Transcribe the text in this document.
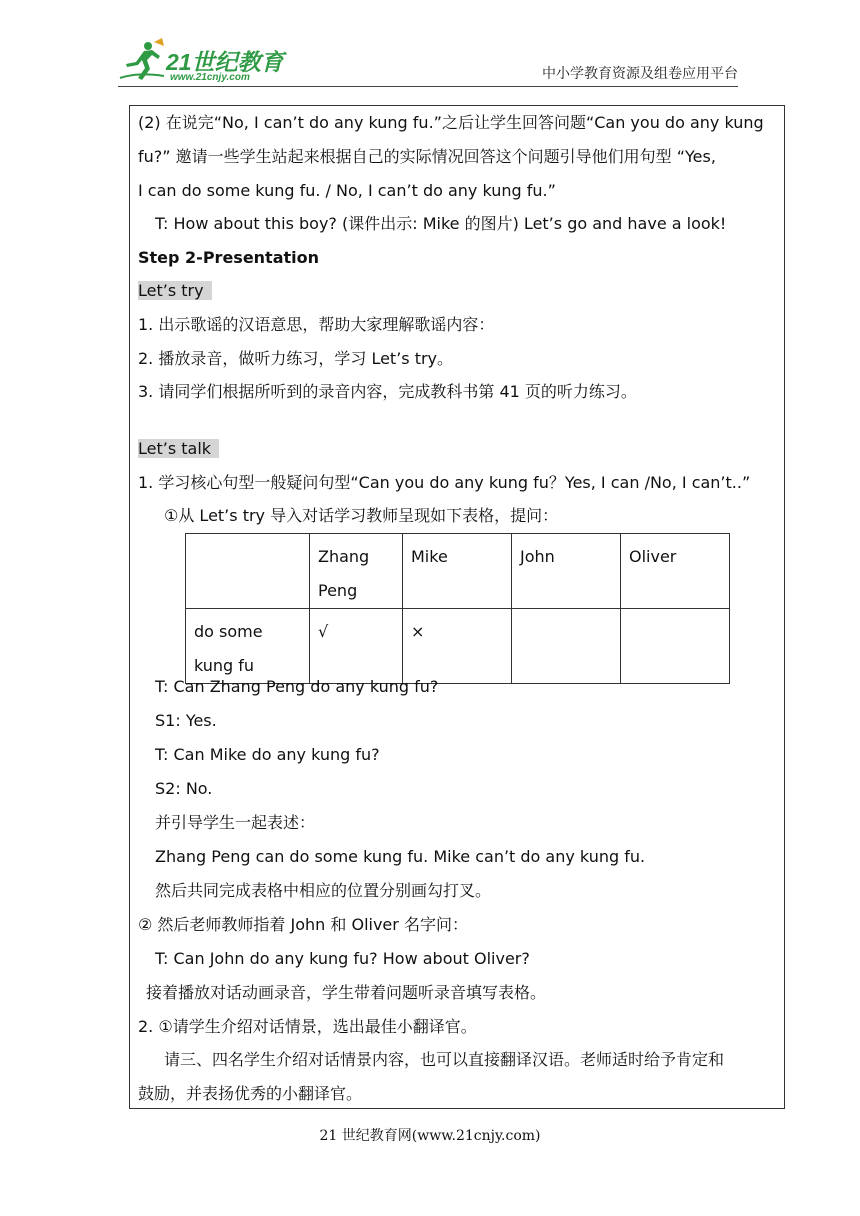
21世纪教育
www.21cnjy.com	中小学教育资源及组卷应用平台
(2) 在说完“No, I can’t do any kung fu.”之后让学生回答问题“Can you do any kung
fu?” 邀请一些学生站起来根据自己的实际情况回答这个问题引导他们用句型 “Yes,
I can do some kung fu. / No, I can’t do any kung fu.”
T: How about this boy? (课件出示: Mike 的图片) Let’s go and have a look!
Step 2-Presentation
Let’s try
1. 出示歌谣的汉语意思，帮助大家理解歌谣内容：
2. 播放录音，做听力练习，学习 Let’s try。
3. 请同学们根据所听到的录音内容，完成教科书第 41 页的听力练习。
Let’s talk
1. 学习核心句型一般疑问句型“Can you do any kung fu？Yes, I can /No, I can’t..”
①从 Let’s try 导入对话学习教师呈现如下表格，提问：
	Zhang Peng	Mike	John	Oliver
do some kung fu	√	×		
T: Can Zhang Peng do any kung fu?
S1: Yes.
T: Can Mike do any kung fu?
S2: No.
并引导学生一起表述：
Zhang Peng can do some kung fu. Mike can’t do any kung fu.
然后共同完成表格中相应的位置分别画勾打叉。
② 然后老师教师指着 John 和 Oliver 名字问：
T: Can John do any kung fu? How about Oliver?
接着播放对话动画录音，学生带着问题听录音填写表格。
2. ①请学生介绍对话情景，选出最佳小翻译官。
请三、四名学生介绍对话情景内容，也可以直接翻译汉语。老师适时给予肯定和
鼓励，并表扬优秀的小翻译官。
21 世纪教育网(www.21cnjy.com)
